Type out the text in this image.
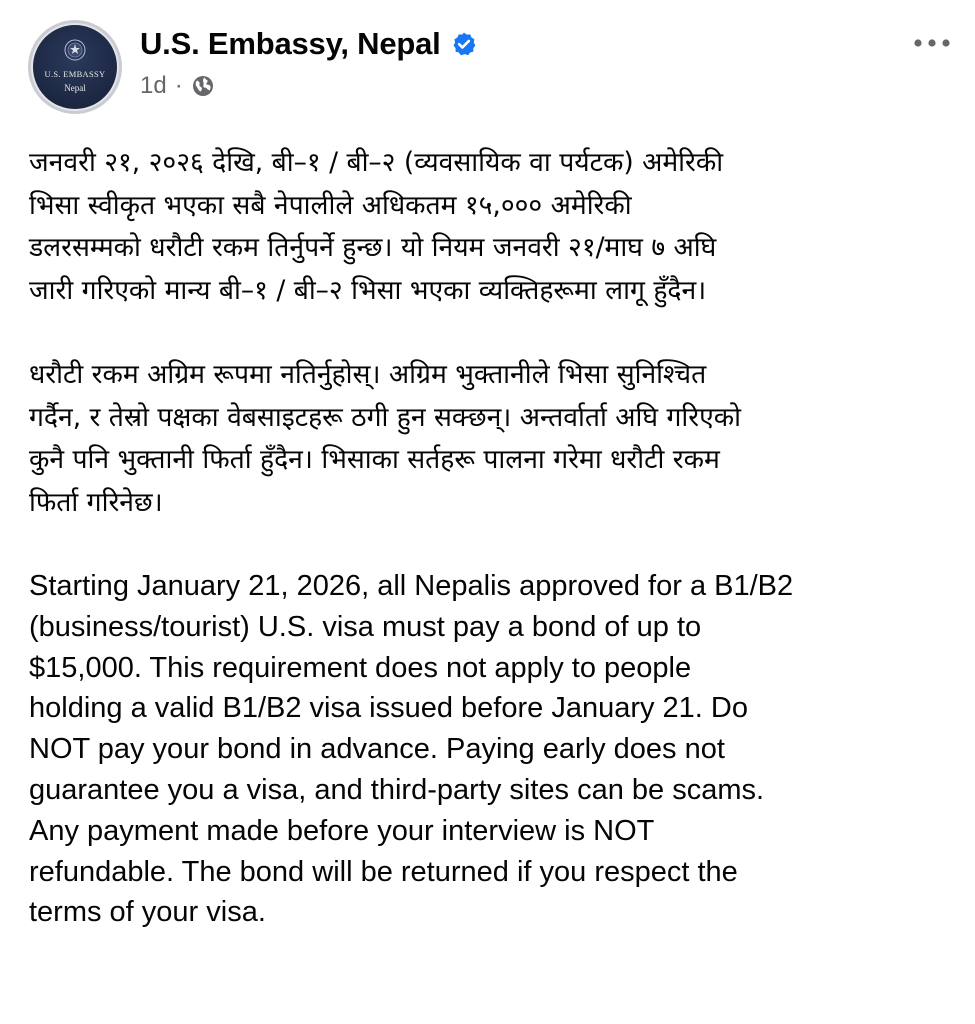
U.S. EMBASSY
Nepal
U.S. Embassy, Nepal
1d ·

जनवरी २१, २०२६ देखि, बी–१ / बी–२ (व्यवसायिक वा पर्यटक) अमेरिकी
भिसा स्वीकृत भएका सबै नेपालीले अधिकतम १५,००० अमेरिकी
डलरसम्मको धरौटी रकम तिर्नुपर्ने हुन्छ। यो नियम जनवरी २१/माघ ७ अघि
जारी गरिएको मान्य बी–१ / बी–२ भिसा भएका व्यक्तिहरूमा लागू हुँदैन।

धरौटी रकम अग्रिम रूपमा नतिर्नुहोस्। अग्रिम भुक्तानीले भिसा सुनिश्चित
गर्दैन, र तेस्रो पक्षका वेबसाइटहरू ठगी हुन सक्छन्। अन्तर्वार्ता अघि गरिएको
कुनै पनि भुक्तानी फिर्ता हुँदैन। भिसाका सर्तहरू पालना गरेमा धरौटी रकम
फिर्ता गरिनेछ।

Starting January 21, 2026, all Nepalis approved for a B1/B2
(business/tourist) U.S. visa must pay a bond of up to
$15,000. This requirement does not apply to people
holding a valid B1/B2 visa issued before January 21. Do
NOT pay your bond in advance. Paying early does not
guarantee you a visa, and third-party sites can be scams.
Any payment made before your interview is NOT
refundable. The bond will be returned if you respect the
terms of your visa.
